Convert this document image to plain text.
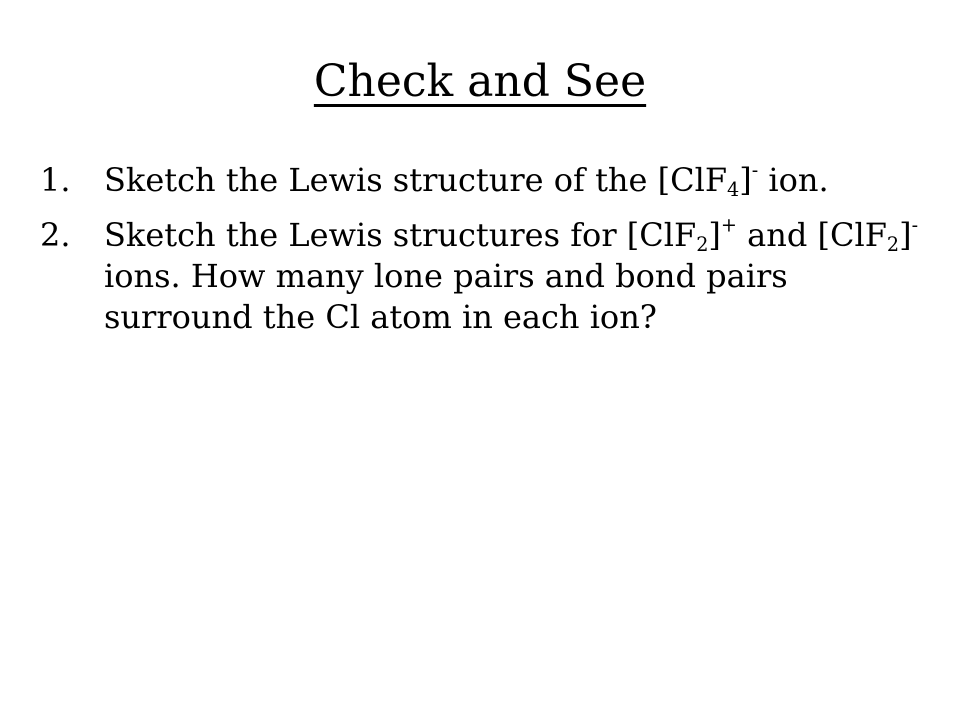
Check and See
1.	Sketch the Lewis structure of the [ClF$_4$]- ion.
2.	Sketch the Lewis structures for [ClF$_2$]+ and [ClF$_2$]- ions. How many lone pairs and bond pairs surround the Cl atom in each ion?
